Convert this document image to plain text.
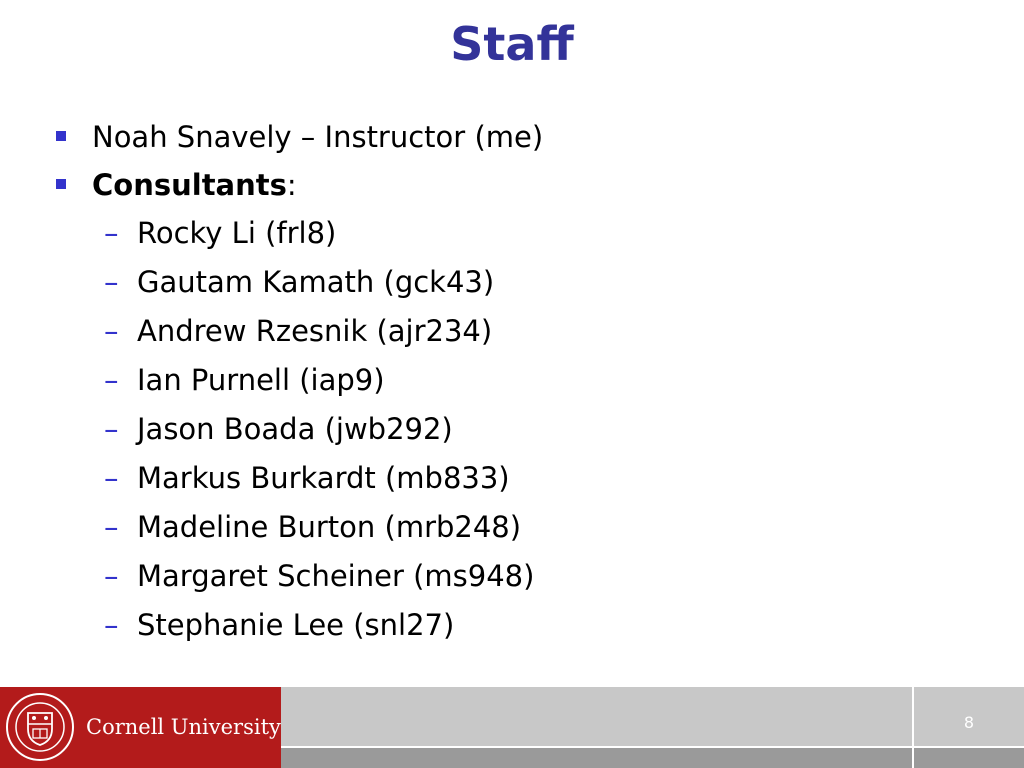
Staff
Noah Snavely – Instructor (me)
Consultants:
– Rocky Li (frl8)
– Gautam Kamath (gck43)
– Andrew Rzesnik (ajr234)
– Ian Purnell (iap9)
– Jason Boada (jwb292)
– Markus Burkardt (mb833)
– Madeline Burton (mrb248)
– Margaret Scheiner (ms948)
– Stephanie Lee (snl27)
Cornell University	8
